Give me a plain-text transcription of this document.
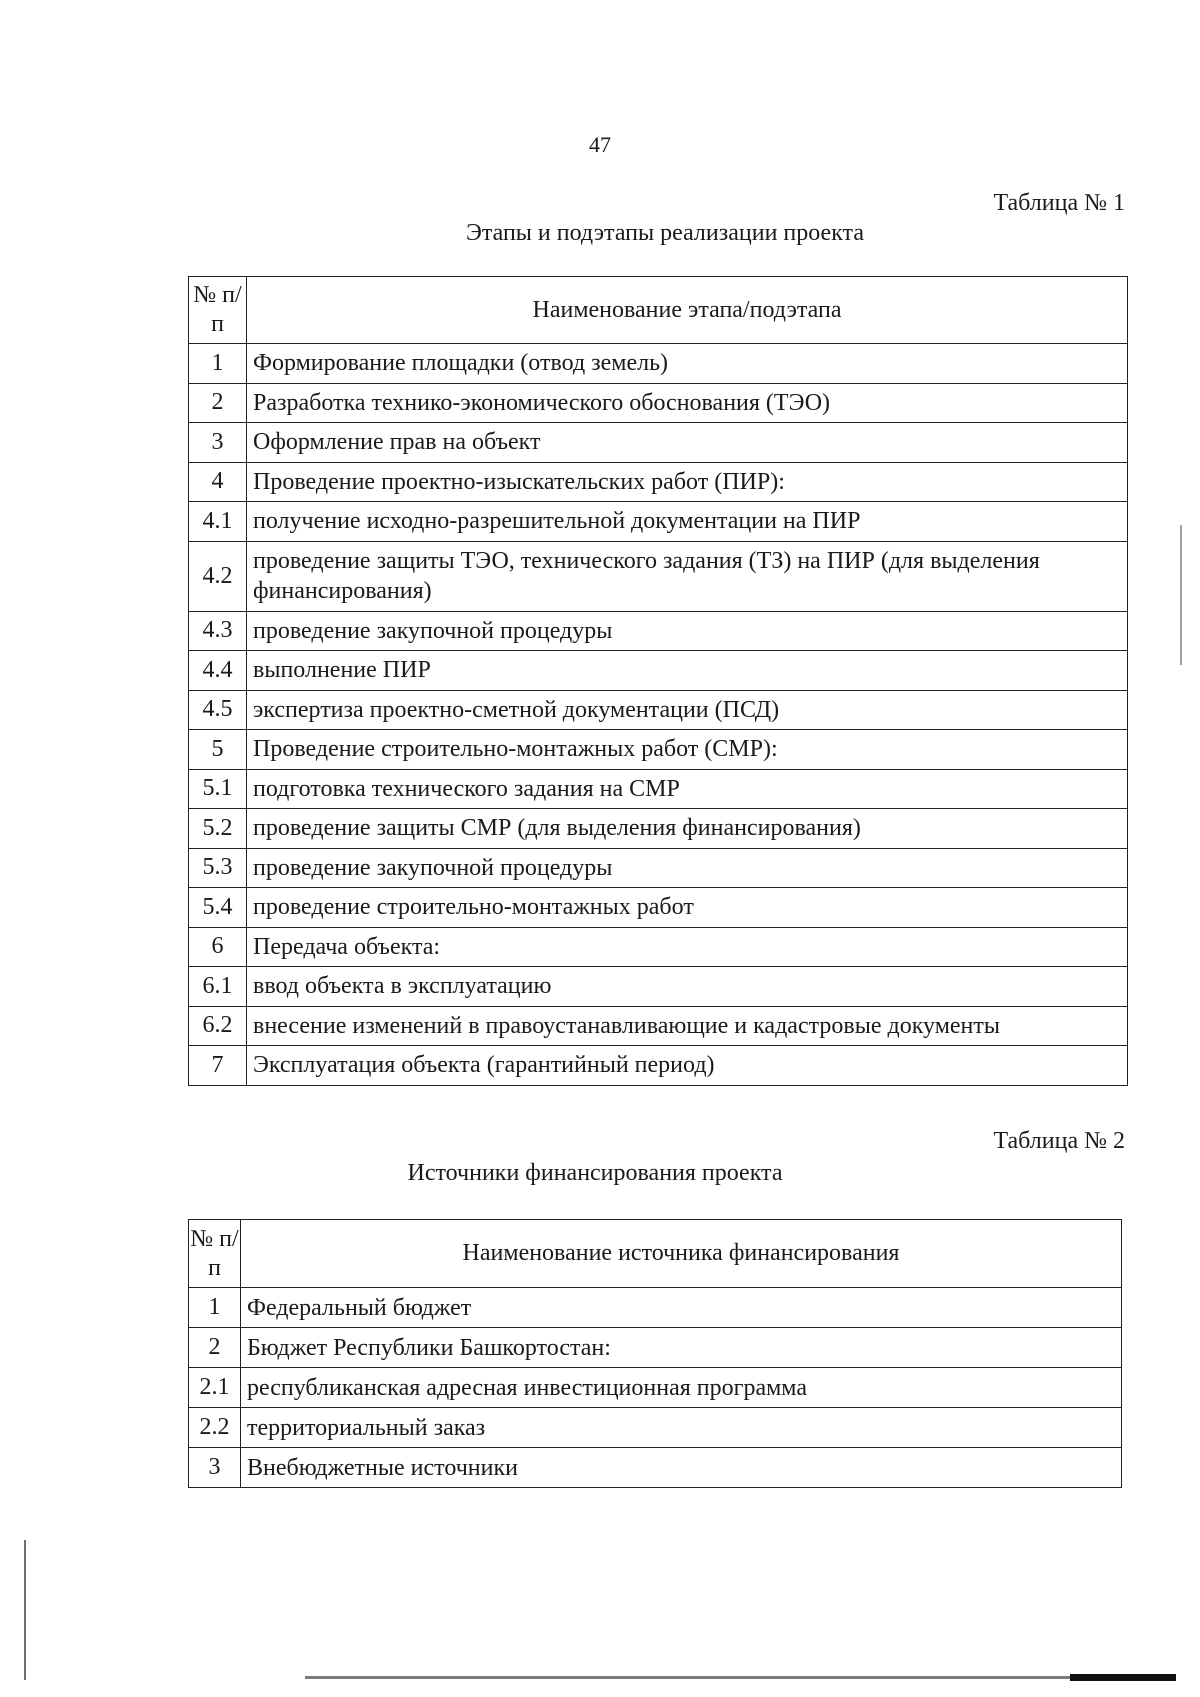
47
Таблица № 1
Этапы и подэтапы реализации проекта
№ п/п	Наименование этапа/подэтапа
1	Формирование площадки (отвод земель)
2	Разработка технико-экономического обоснования (ТЭО)
3	Оформление прав на объект
4	Проведение проектно-изыскательских работ (ПИР):
4.1	получение исходно-разрешительной документации на ПИР
4.2	проведение защиты ТЭО, технического задания (ТЗ) на ПИР (для выделения финансирования)
4.3	проведение закупочной процедуры
4.4	выполнение ПИР
4.5	экспертиза проектно-сметной документации (ПСД)
5	Проведение строительно-монтажных работ (СМР):
5.1	подготовка технического задания на СМР
5.2	проведение защиты СМР (для выделения финансирования)
5.3	проведение закупочной процедуры
5.4	проведение строительно-монтажных работ
6	Передача объекта:
6.1	ввод объекта в эксплуатацию
6.2	внесение изменений в правоустанавливающие и кадастровые документы
7	Эксплуатация объекта (гарантийный период)
Таблица № 2
Источники финансирования проекта
№ п/п	Наименование источника финансирования
1	Федеральный бюджет
2	Бюджет Республики Башкортостан:
2.1	республиканская адресная инвестиционная программа
2.2	территориальный заказ
3	Внебюджетные источники
